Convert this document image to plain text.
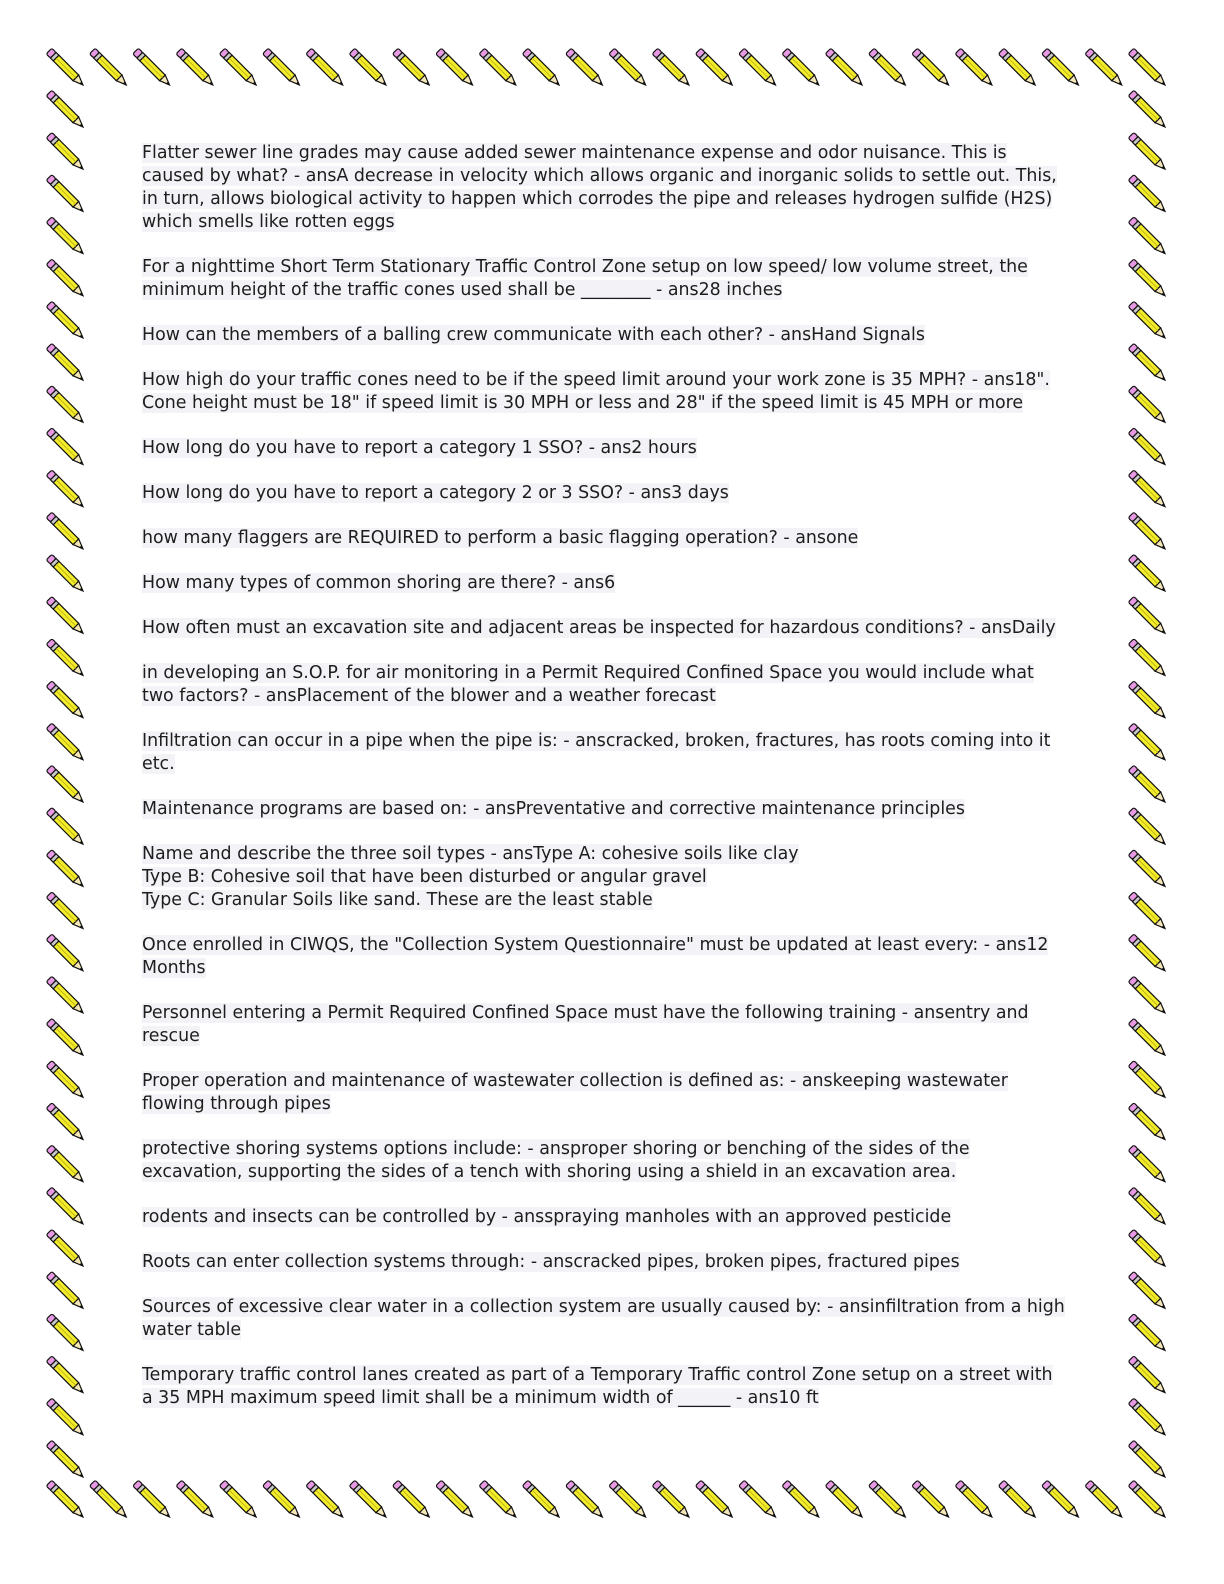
Flatter sewer line grades may cause added sewer maintenance expense and odor nuisance. This is
caused by what? - ansA decrease in velocity which allows organic and inorganic solids to settle out. This,
in turn, allows biological activity to happen which corrodes the pipe and releases hydrogen sulfide (H2S)
which smells like rotten eggs
For a nighttime Short Term Stationary Traffic Control Zone setup on low speed/ low volume street, the
minimum height of the traffic cones used shall be ________ - ans28 inches
How can the members of a balling crew communicate with each other? - ansHand Signals
How high do your traffic cones need to be if the speed limit around your work zone is 35 MPH? - ans18".
Cone height must be 18" if speed limit is 30 MPH or less and 28" if the speed limit is 45 MPH or more
How long do you have to report a category 1 SSO? - ans2 hours
How long do you have to report a category 2 or 3 SSO? - ans3 days
how many flaggers are REQUIRED to perform a basic flagging operation? - ansone
How many types of common shoring are there? - ans6
How often must an excavation site and adjacent areas be inspected for hazardous conditions? - ansDaily
in developing an S.O.P. for air monitoring in a Permit Required Confined Space you would include what
two factors? - ansPlacement of the blower and a weather forecast
Infiltration can occur in a pipe when the pipe is: - anscracked, broken, fractures, has roots coming into it
etc.
Maintenance programs are based on: - ansPreventative and corrective maintenance principles
Name and describe the three soil types - ansType A: cohesive soils like clay
Type B: Cohesive soil that have been disturbed or angular gravel
Type C: Granular Soils like sand. These are the least stable
Once enrolled in CIWQS, the "Collection System Questionnaire" must be updated at least every: - ans12
Months
Personnel entering a Permit Required Confined Space must have the following training - ansentry and
rescue
Proper operation and maintenance of wastewater collection is defined as: - anskeeping wastewater
flowing through pipes
protective shoring systems options include: - ansproper shoring or benching of the sides of the
excavation, supporting the sides of a tench with shoring using a shield in an excavation area.
rodents and insects can be controlled by - ansspraying manholes with an approved pesticide
Roots can enter collection systems through: - anscracked pipes, broken pipes, fractured pipes
Sources of excessive clear water in a collection system are usually caused by: - ansinfiltration from a high
water table
Temporary traffic control lanes created as part of a Temporary Traffic control Zone setup on a street with
a 35 MPH maximum speed limit shall be a minimum width of ______ - ans10 ft
